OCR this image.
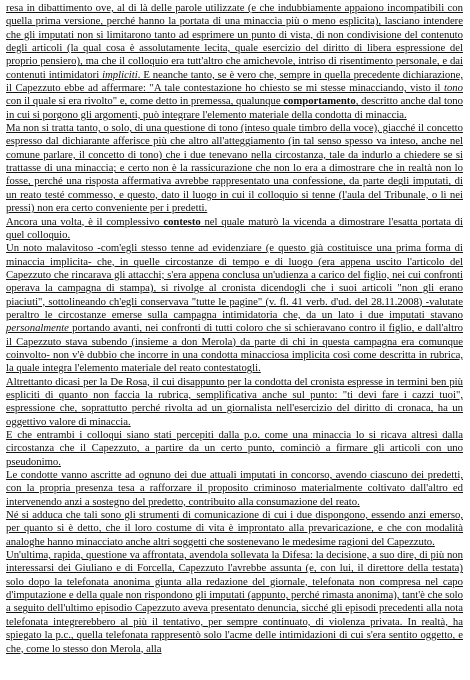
resa in dibattimento ove, al di là delle parole utilizzate (e che indubbiamente appaiono incompatibili con quella prima versione, perché hanno la portata di una minaccia più o meno esplicita), lasciano intendere che gli imputati non si limitarono tanto ad esprimere un punto di vista, di non condivisione del contenuto degli articoli (la qual cosa è assolutamente lecita, quale esercizio del diritto di libera espressione del proprio pensiero), ma che il colloquio era tutt'altro che amichevole, intriso di risentimento personale, e dai contenuti intimidatori impliciti. E neanche tanto, se è vero che, sempre in quella precedente dichiarazione, il Capezzuto ebbe ad affermare: "A tale contestazione ho chiesto se mi stesse minacciando, visto il tono con il quale si era rivolto" e, come detto in premessa, qualunque comportamento, descritto anche dal tono in cui si porgono gli argomenti, può integrare l'elemento materiale della condotta di minaccia.

Ma non si tratta tanto, o solo, di una questione di tono (inteso quale timbro della voce), giacché il concetto espresso dal dichiarante afferisce più che altro all'atteggiamento (in tal senso spesso va inteso, anche nel comune parlare, il concetto di tono) che i due tenevano nella circostanza, tale da indurlo a chiedere se si trattasse di una minaccia; e certo non è la rassicurazione che non lo era a dimostrare che in realtà non lo fosse, perché una risposta affermativa avrebbe rappresentato una confessione, da parte degli imputati, di un reato testé commesso, e questo, dato il luogo in cui il colloquio si tenne (l'aula del Tribunale, o lì nei pressi) non era certo conveniente per i predetti.

Ancora una volta, è il complessivo contesto nel quale maturò la vicenda a dimostrare l'esatta portata di quel colloquio.

Un noto malavitoso -com'egli stesso tenne ad evidenziare (e questo già costituisce una prima forma di minaccia implicita- che, in quelle circostanze di tempo e di luogo (era appena uscito l'articolo del Capezzuto che rincarava gli attacchi; s'era appena conclusa un'udienza a carico del figlio, nei cui confronti operava la campagna di stampa), si rivolge al cronista dicendogli che i suoi articoli "non gli erano piaciuti", sottolineando ch'egli conservava "tutte le pagine" (v. fl. 41 verb. d'ud. del 28.11.2008) -valutate peraltro le circostanze emerse sulla campagna intimidatoria che, da un lato i due imputati stavano personalmente portando avanti, nei confronti di tutti coloro che si schieravano contro il figlio, e dall'altro il Capezzuto stava subendo (insieme a don Merola) da parte di chi in questa campagna era comunque coinvolto- non v'è dubbio che incorre in una condotta minacciosa implicita così come descritta in rubrica, la quale integra l'elemento materiale del reato contestatogli.

Altrettanto dicasi per la De Rosa, il cui disappunto per la condotta del cronista espresse in termini ben più espliciti di quanto non faccia la rubrica, semplificativa anche sul punto: "ti devi fare i cazzi tuoi", espressione che, soprattutto perché rivolta ad un giornalista nell'esercizio del diritto di cronaca, ha un oggettivo valore di minaccia.

E che entrambi i colloqui siano stati percepiti dalla p.o. come una minaccia lo si ricava altresì dalla circostanza che il Capezzuto, a partire da un certo punto, cominciò a firmare gli articoli con uno pseudonimo.

Le condotte vanno ascritte ad ognuno dei due attuali imputati in concorso, avendo ciascuno dei predetti, con la propria presenza tesa a rafforzare il proposito criminoso materialmente coltivato dall'altro ed intervenendo anzi a sostegno del predetto, contribuito alla consumazione del reato.

Né si adduca che tali sono gli strumenti di comunicazione di cui i due dispongono, essendo anzi emerso, per quanto si è detto, che il loro costume di vita è improntato alla prevaricazione, e che con modalità analoghe hanno minacciato anche altri soggetti che sostenevano le medesime ragioni del Capezzuto.

Un'ultima, rapida, questione va affrontata, avendola sollevata la Difesa: la decisione, a suo dire, di più non interessarsi dei Giuliano e di Forcella, Capezzuto l'avrebbe assunta (e, con lui, il direttore della testata) solo dopo la telefonata anonima giunta alla redazione del giornale, telefonata non compresa nel capo d'imputazione e della quale non rispondono gli imputati (appunto, perché rimasta anonima), tant'è che solo a seguito dell'ultimo episodio Capezzuto aveva presentato denuncia, sicché gli episodi precedenti alla nota telefonata integrerebbero al più il tentativo, per sempre continuato, di violenza privata. In realtà, ha spiegato la p.c., quella telefonata rappresentò solo l'acme delle intimidazioni di cui s'era sentito oggetto, e che, come lo stesso don Merola, alla
